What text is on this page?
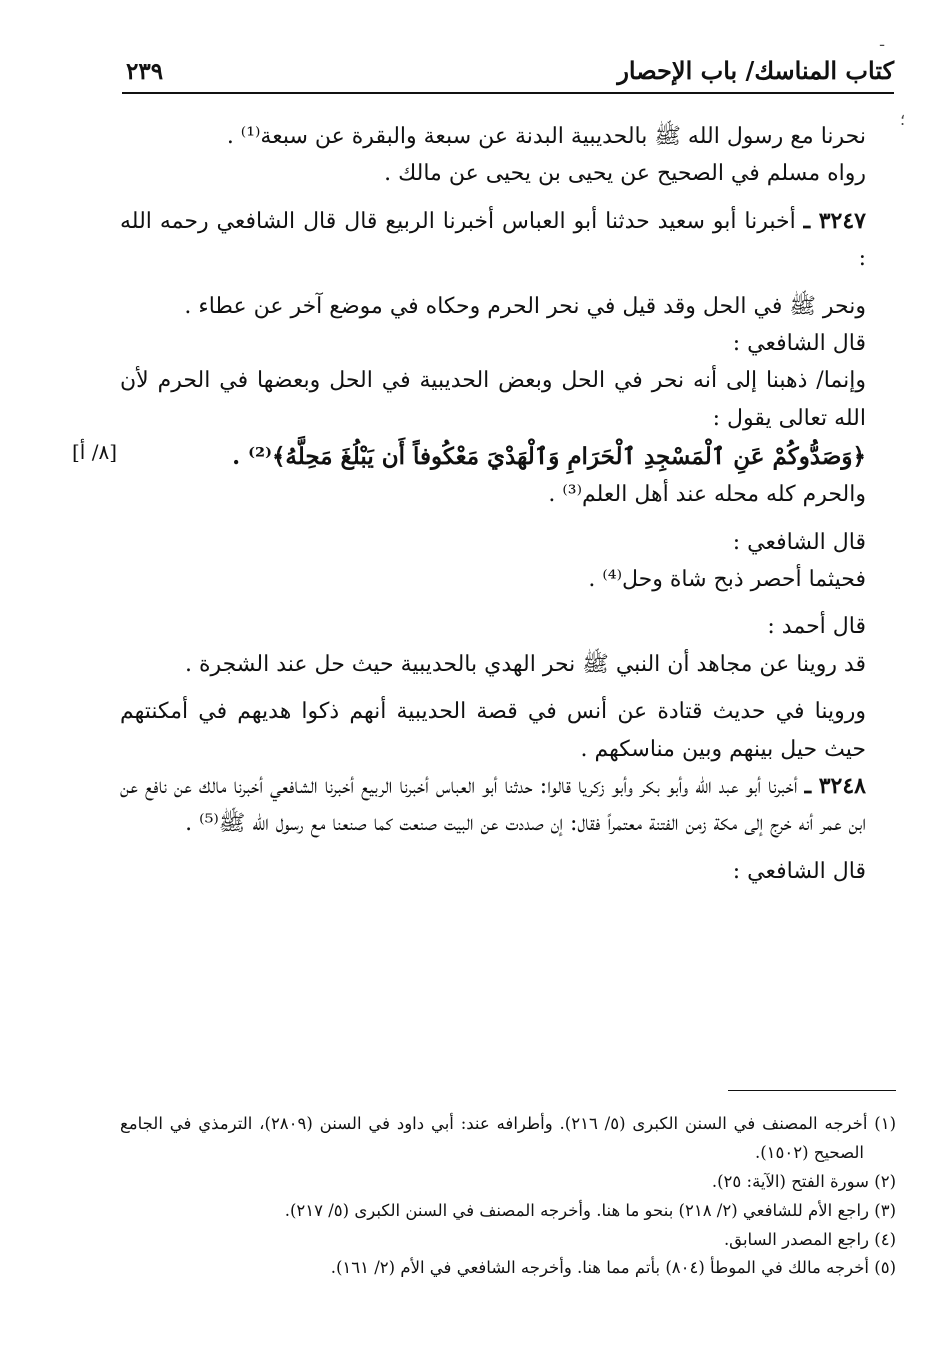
ـ
؛
كتاب المناسك/ باب الإحصار
٢٣٩

نحرنا مع رسول الله ﷺ بالحديبية البدنة عن سبعة والبقرة عن سبعة⁽¹⁾ .

رواه مسلم في الصحيح عن يحيى بن يحيى عن مالك .

٣٢٤٧ ـ أخبرنا أبو سعيد حدثنا أبو العباس أخبرنا الربيع قال قال الشافعي رحمه الله :

ونحر ﷺ في الحل وقد قيل في نحر الحرم وحكاه في موضع آخر عن عطاء .

قال الشافعي :

وإنما/ ذهبنا إلى أنه نحر في الحل وبعض الحديبية في الحل وبعضها في الحرم لأن الله تعالى يقول :

﴿وَصَدُّوكُمْ عَنِ ٱلْمَسْجِدِ ٱلْحَرَامِ وَٱلْهَدْيَ مَعْكُوفاً أَن يَبْلُغَ مَحِلَّهُ﴾⁽²⁾ .

والحرم كله محله عند أهل العلم⁽³⁾ .

قال الشافعي :

فحيثما أحصر ذبح شاة وحل⁽⁴⁾ .

قال أحمد :

قد روينا عن مجاهد أن النبي ﷺ نحر الهدي بالحديبية حيث حل عند الشجرة .

وروينا في حديث قتادة عن أنس في قصة الحديبية أنهم ذكوا هديهم في أمكنتهم حيث حيل بينهم وبين مناسكهم .

٣٢٤٨ ـ أخبرنا أبو عبد الله وأبو بكر وأبو زكريا قالوا: حدثنا أبو العباس أخبرنا الربيع أخبرنا الشافعي أخبرنا مالك عن نافع عن ابن عمر أنه خرج إلى مكة زمن الفتنة معتمراً فقال: إن صددت عن البيت صنعت كما صنعنا مع رسول الله ﷺ⁽⁵⁾ .

قال الشافعي :

[٨/ أ]

(١) أخرجه المصنف في السنن الكبرى (٥/ ٢١٦). وأطرافه عند: أبي داود في السنن (٢٨٠٩)، الترمذي في الجامع الصحيح (١٥٠٢).

(٢) سورة الفتح (الآية: ٢٥).

(٣) راجع الأم للشافعي (٢/ ٢١٨) بنحو ما هنا. وأخرجه المصنف في السنن الكبرى (٥/ ٢١٧).

(٤) راجع المصدر السابق.

(٥) أخرجه مالك في الموطأ (٨٠٤) بأتم مما هنا. وأخرجه الشافعي في الأم (٢/ ١٦١).
